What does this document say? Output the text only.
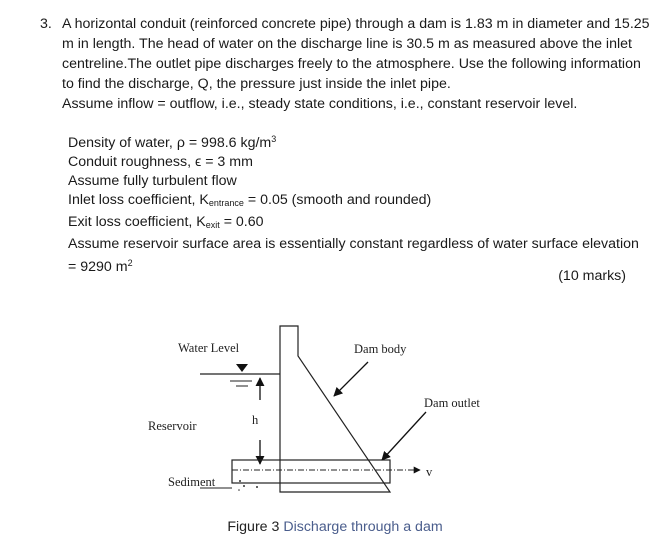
3. A horizontal conduit (reinforced concrete pipe) through a dam is 1.83 m in diameter and 15.25
m in length. The head of water on the discharge line is 30.5 m as measured above the inlet
centreline.The outlet pipe discharges freely to the atmosphere. Use the following information
to find the discharge, Q, the pressure just inside the inlet pipe.
Assume inflow = outflow, i.e., steady state conditions, i.e., constant reservoir level.
Density of water, ρ = 998.6 $kg/m^3$
Conduit roughness, ϵ = 3 mm
Assume fully turbulent flow
Inlet loss coefficient, $K_{entrance} = 0.05$ (smooth and rounded)
Exit loss coefficient, $K_{exit} = 0.60$
Assume reservoir surface area is essentially constant regardless of water surface elevation
= 9290 $m^2$
(10 marks)
Water Level	Dam body
Dam outlet
Reservoir	h
v
Sediment
Figure 3 Discharge through a dam
